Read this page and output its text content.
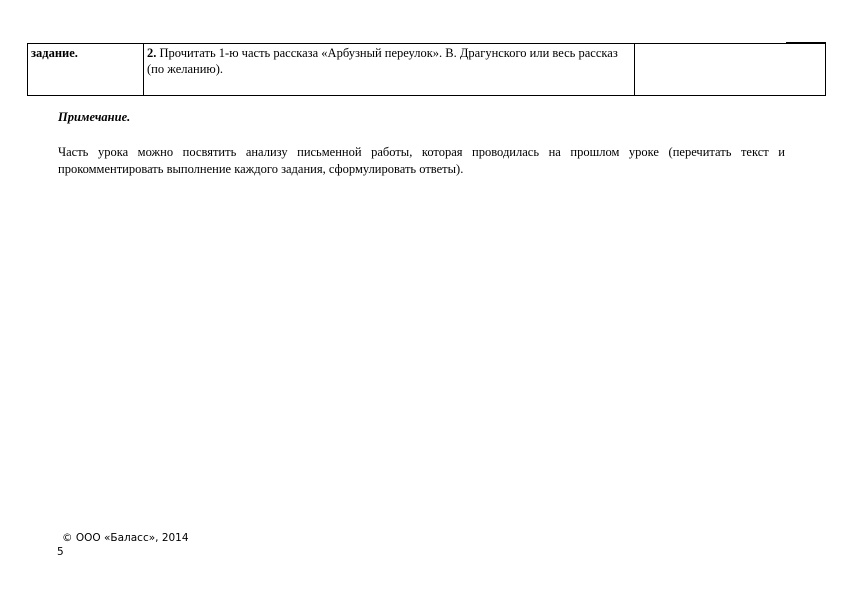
задание.	2. Прочитать 1-ю часть рассказа «Арбузный переулок». В. Драгунского или весь рассказ (по желанию).	
Примечание.
Часть урока можно посвятить анализу письменной работы, которая проводилась на прошлом уроке (перечитать текст и прокомментировать выполнение каждого задания, сформулировать ответы).
© ООО «Баласс», 2014
5
